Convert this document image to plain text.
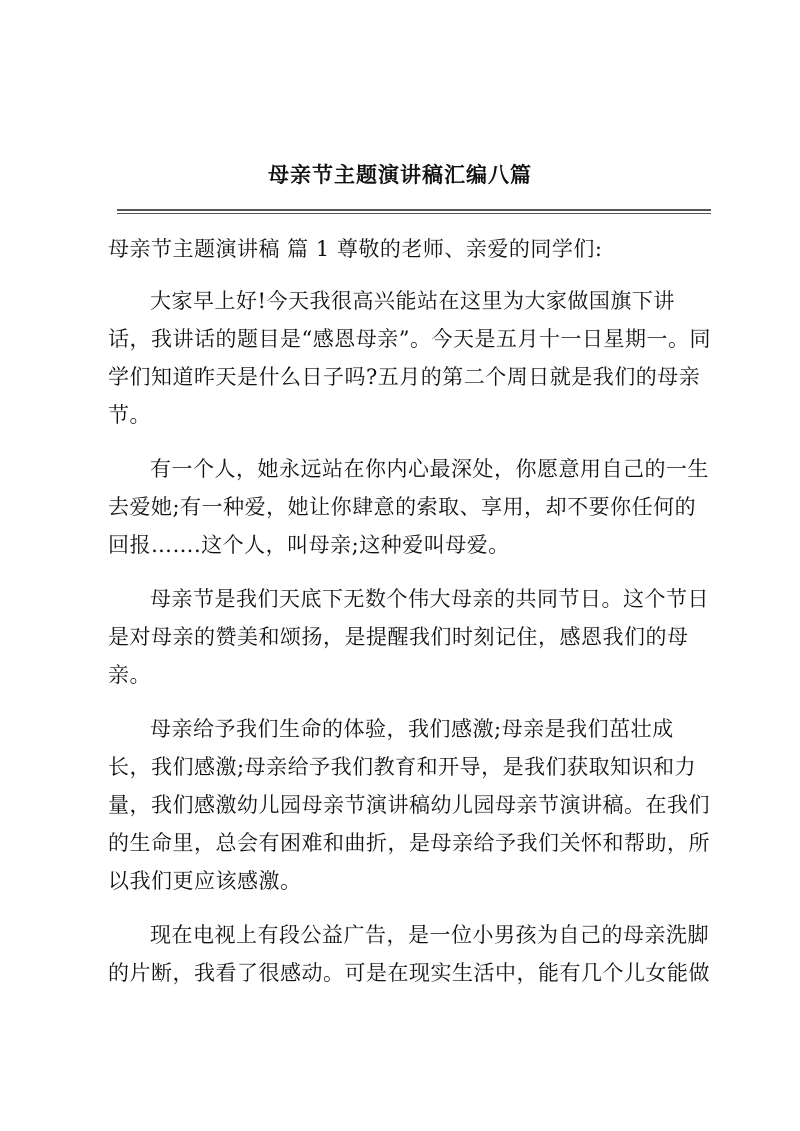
母亲节主题演讲稿汇编八篇

母亲节主题演讲稿 篇 1 尊敬的老师、亲爱的同学们:

大家早上好!今天我很高兴能站在这里为大家做国旗下讲话，我讲话的题目是“感恩母亲”。今天是五月十一日星期一。同学们知道昨天是什么日子吗?五月的第二个周日就是我们的母亲节。

有一个人，她永远站在你内心最深处，你愿意用自己的一生去爱她;有一种爱，她让你肆意的索取、享用，却不要你任何的回报…….这个人，叫母亲;这种爱叫母爱。

母亲节是我们天底下无数个伟大母亲的共同节日。这个节日是对母亲的赞美和颂扬，是提醒我们时刻记住，感恩我们的母亲。

母亲给予我们生命的体验，我们感激;母亲是我们茁壮成长，我们感激;母亲给予我们教育和开导，是我们获取知识和力量，我们感激幼儿园母亲节演讲稿幼儿园母亲节演讲稿。在我们的生命里，总会有困难和曲折，是母亲给予我们关怀和帮助，所以我们更应该感激。

现在电视上有段公益广告，是一位小男孩为自己的母亲洗脚的片断，我看了很感动。可是在现实生活中，能有几个儿女能做
